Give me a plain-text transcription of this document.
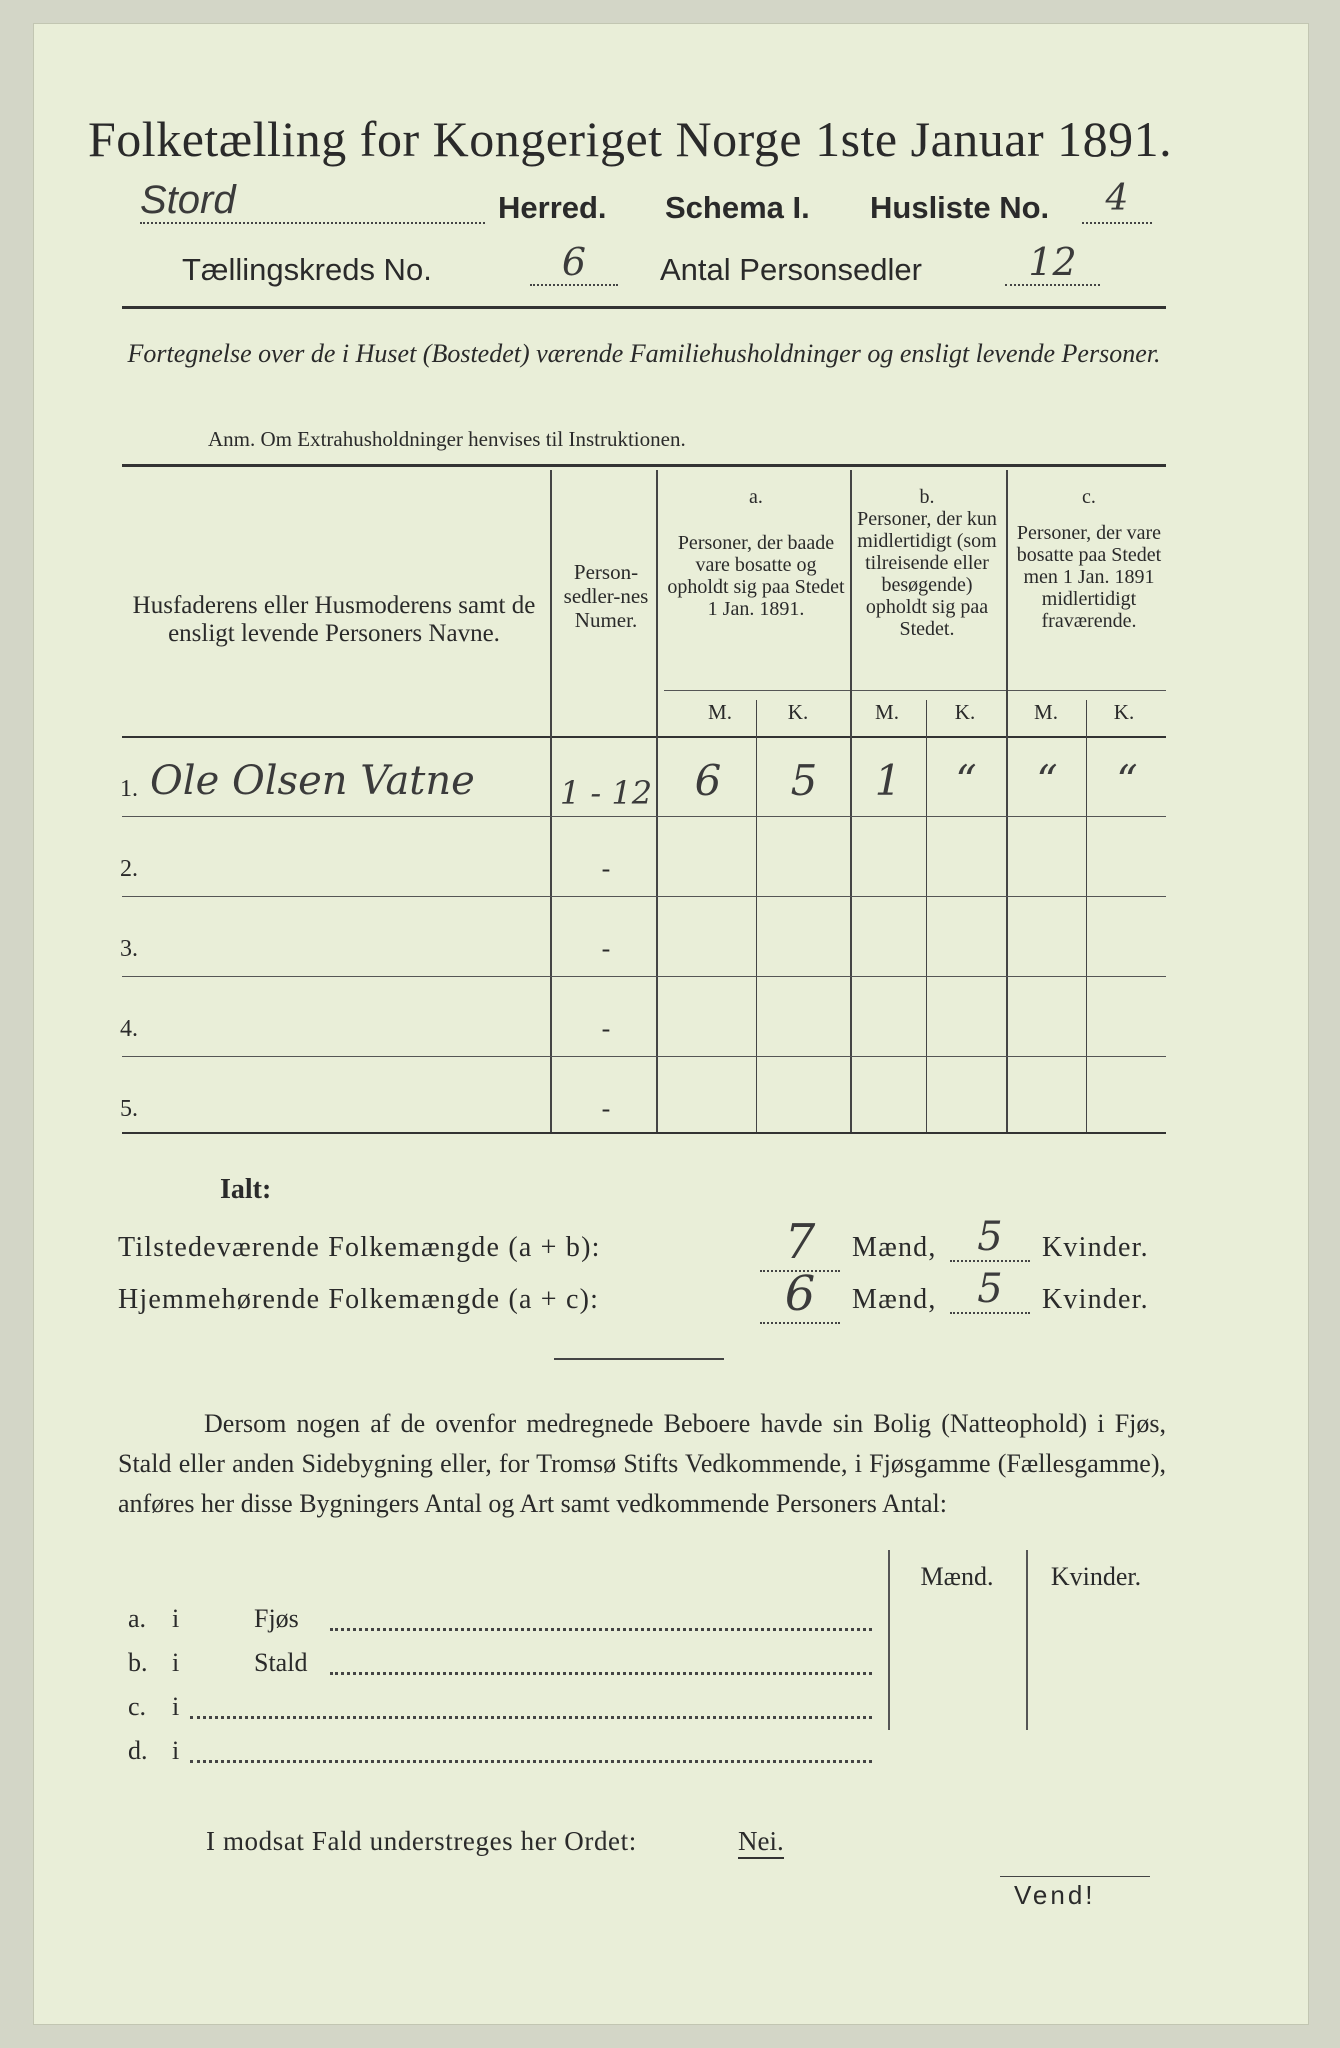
Folketælling for Kongeriget Norge 1ste Januar 1891.
Stord	Herred. Schema I. Husliste No.	4
Tællingskreds No.	6	Antal Personsedler	12
Fortegnelse over de i Huset (Bostedet) værende Familiehusholdninger og ensligt levende Personer.
Anm. Om Extrahusholdninger henvises til Instruktionen.
Husfaderens eller Husmoderens samt de ensligt levende Personers Navne.
Person-sedler-nes Numer.
a.
Personer, der baade vare bosatte og opholdt sig paa Stedet 1 Jan. 1891.
b.
Personer, der kun midlertidigt (som tilreisende eller besøgende) opholdt sig paa Stedet.
c.
Personer, der vare bosatte paa Stedet men 1 Jan. 1891 midlertidigt fraværende.
M.	K.	M.	K.	M.	K.
1. Ole Olsen Vatne	1 - 12	6	5	1	“	“	“
2.	-
3.	-
4.	-
5.	-
Ialt:
Tilstedeværende Folkemængde (a + b):	7	Mænd,	5	Kvinder.
Hjemmehørende Folkemængde (a + c):	6	Mænd,	5	Kvinder.
Dersom nogen af de ovenfor medregnede Beboere havde sin Bolig (Natteophold) i Fjøs, Stald eller anden Sidebygning eller, for Tromsø Stifts Vedkommende, i Fjøsgamme (Fællesgamme), anføres her disse Bygningers Antal og Art samt vedkommende Personers Antal:
Mænd.	Kvinder.
a. i	Fjøs
b. i	Stald
c. i
d. i
I modsat Fald understreges her Ordet:	Nei.
Vend!
